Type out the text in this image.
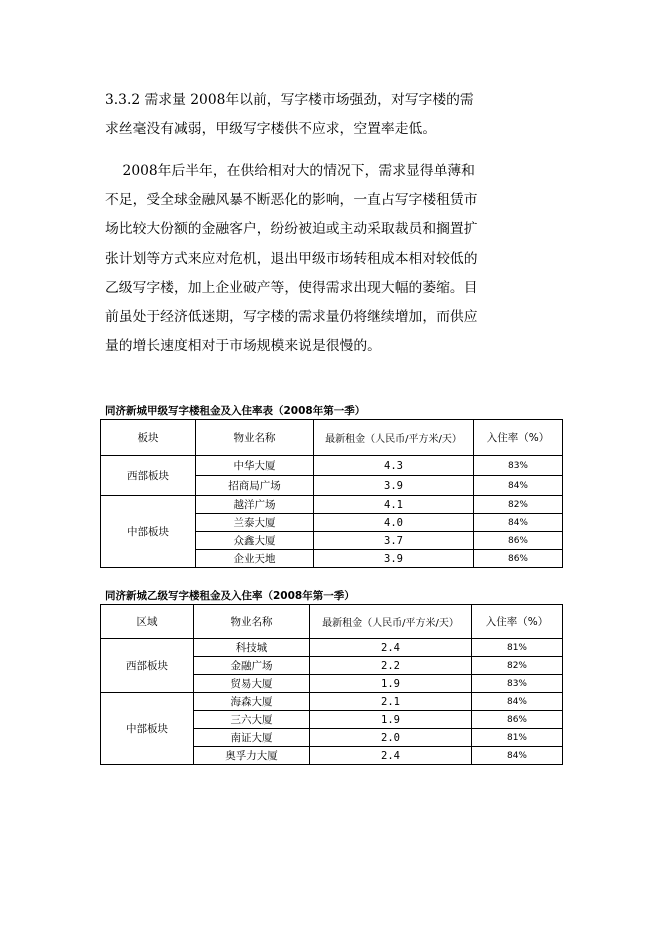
3.3.2 需求量 2008年以前，写字楼市场强劲，对写字楼的需
求丝毫没有减弱，甲级写字楼供不应求，空置率走低。
2008年后半年，在供给相对大的情况下，需求显得单薄和
不足，受全球金融风暴不断恶化的影响，一直占写字楼租赁市
场比较大份额的金融客户，纷纷被迫或主动采取裁员和搁置扩
张计划等方式来应对危机，退出甲级市场转租成本相对较低的
乙级写字楼，加上企业破产等，使得需求出现大幅的萎缩。目
前虽处于经济低迷期，写字楼的需求量仍将继续增加，而供应
量的增长速度相对于市场规模来说是很慢的。
同济新城甲级写字楼租金及入住率表（2008年第一季）
板块	物业名称	最新租金（人民币/平方米/天）	入住率（%）
西部板块	中华大厦	4.3	83%
	招商局广场	3.9	84%
中部板块	越洋广场	4.1	82%
	兰泰大厦	4.0	84%
	众鑫大厦	3.7	86%
	企业天地	3.9	86%
同济新城乙级写字楼租金及入住率（2008年第一季）
区域	物业名称	最新租金（人民币/平方米/天）	入住率（%）
西部板块	科技城	2.4	81%
	金融广场	2.2	82%
	贸易大厦	1.9	83%
中部板块	海森大厦	2.1	84%
	三六大厦	1.9	86%
	南证大厦	2.0	81%
	奥孚力大厦	2.4	84%
